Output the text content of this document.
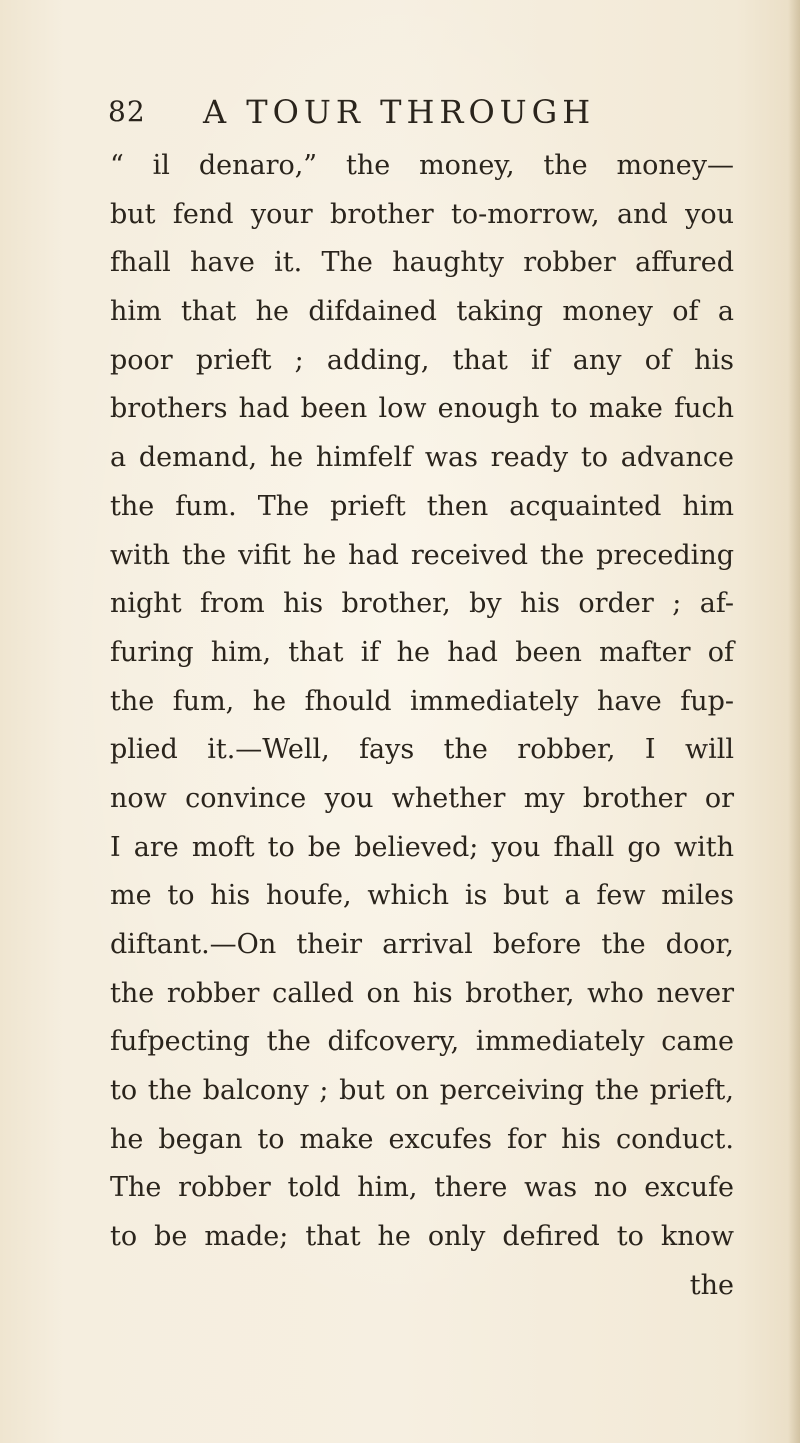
82 A TOUR THROUGH
“ il denaro,” the money, the money—
but fend your brother to-morrow, and you
fhall have it. The haughty robber affured
him that he difdained taking money of a
poor prieft ; adding, that if any of his
brothers had been low enough to make fuch
a demand, he himfelf was ready to advance
the fum. The prieft then acquainted him
with the vifit he had received the preceding
night from his brother, by his order ; af-
furing him, that if he had been mafter of
the fum, he fhould immediately have fup-
plied it.—Well, fays the robber, I will
now convince you whether my brother or
I are moft to be believed; you fhall go with
me to his houfe, which is but a few miles
diftant.—On their arrival before the door,
the robber called on his brother, who never
fufpecting the difcovery, immediately came
to the balcony ; but on perceiving the prieft,
he began to make excufes for his conduct.
The robber told him, there was no excufe
to be made; that he only defired to know
the
